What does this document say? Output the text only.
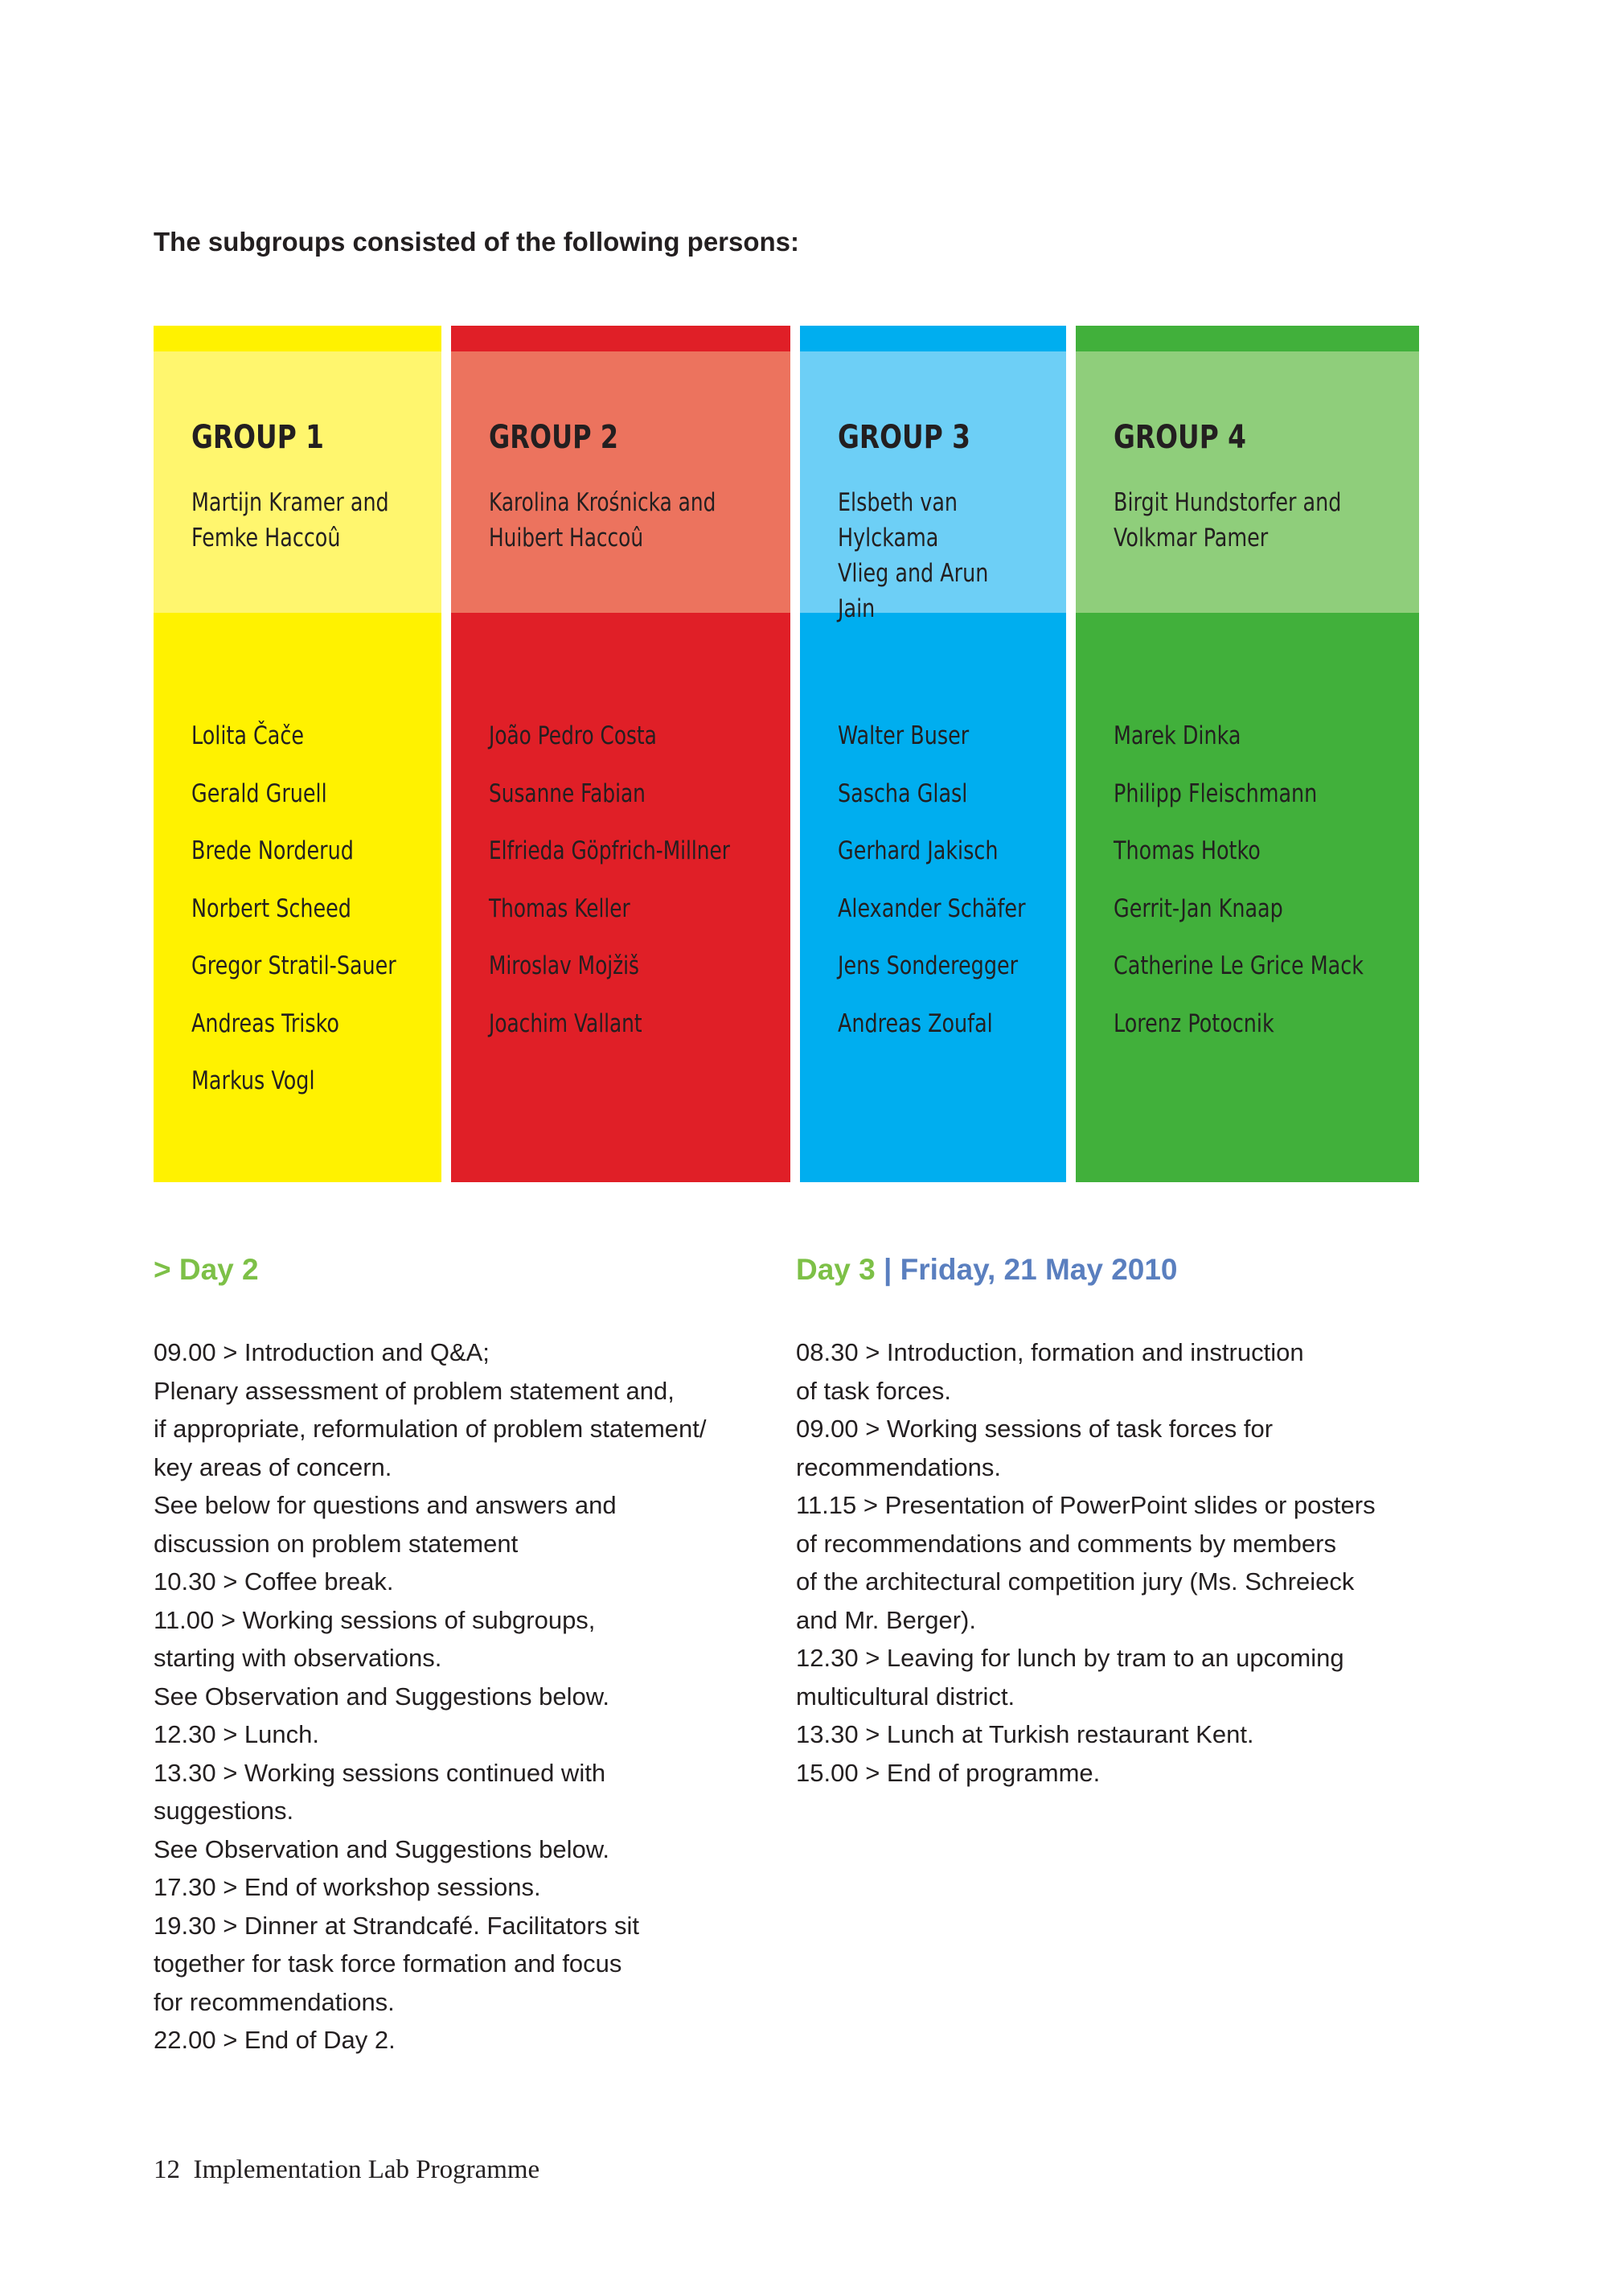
The subgroups consisted of the following persons:

GROUP 1

Martijn Kramer and
Femke Haccoû

Lolita Čače
Gerald Gruell
Brede Norderud
Norbert Scheed
Gregor Stratil-Sauer
Andreas Trisko
Markus Vogl

GROUP 2

Karolina Krośnicka and
Huibert Haccoû

João Pedro Costa
Susanne Fabian
Elfrieda Göpfrich-Millner
Thomas Keller
Miroslav Mojžiš
Joachim Vallant

GROUP 3

Elsbeth van Hylckama
Vlieg and Arun Jain

Walter Buser
Sascha Glasl
Gerhard Jakisch
Alexander Schäfer
Jens Sonderegger
Andreas Zoufal

GROUP 4

Birgit Hundstorfer and
Volkmar Pamer

Marek Dinka
Philipp Fleischmann
Thomas Hotko
Gerrit-Jan Knaap
Catherine Le Grice Mack
Lorenz Potocnik

> Day 2

09.00 > Introduction and Q&A;
Plenary assessment of problem statement and,
if appropriate, reformulation of problem statement/
key areas of concern.
See below for questions and answers and
discussion on problem statement
10.30 > Coffee break.
11.00 > Working sessions of subgroups,
starting with observations.
See Observation and Suggestions below.
12.30 > Lunch.
13.30 > Working sessions continued with
suggestions.
See Observation and Suggestions below.
17.30 > End of workshop sessions.
19.30 > Dinner at Strandcafé. Facilitators sit
together for task force formation and focus
for recommendations.
22.00 > End of Day 2.

Day 3 | Friday, 21 May 2010

08.30 > Introduction, formation and instruction
of task forces.
09.00 > Working sessions of task forces for
recommendations.
11.15 > Presentation of PowerPoint slides or posters
of recommendations and comments by members
of the architectural competition jury (Ms. Schreieck
and Mr. Berger).
12.30 > Leaving for lunch by tram to an upcoming
multicultural district.
13.30 > Lunch at Turkish restaurant Kent.
15.00 > End of programme.

12 Implementation Lab Programme
